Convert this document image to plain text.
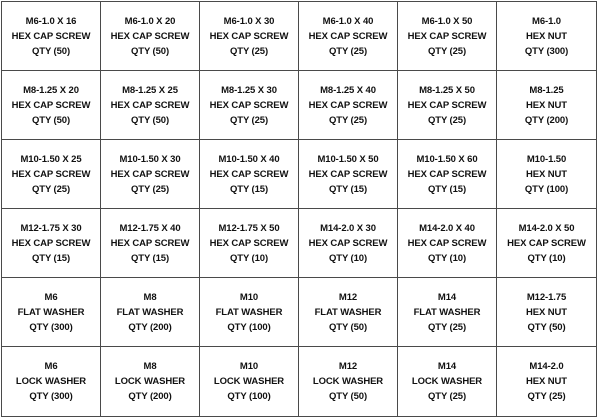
M6-1.0 X 16
HEX CAP SCREW
QTY (50)
M6-1.0 X 20
HEX CAP SCREW
QTY (50)
M6-1.0 X 30
HEX CAP SCREW
QTY (25)
M6-1.0 X 40
HEX CAP SCREW
QTY (25)
M6-1.0 X 50
HEX CAP SCREW
QTY (25)
M6-1.0
HEX NUT
QTY (300)
M8-1.25 X 20
HEX CAP SCREW
QTY (50)
M8-1.25 X 25
HEX CAP SCREW
QTY (50)
M8-1.25 X 30
HEX CAP SCREW
QTY (25)
M8-1.25 X 40
HEX CAP SCREW
QTY (25)
M8-1.25 X 50
HEX CAP SCREW
QTY (25)
M8-1.25
HEX NUT
QTY (200)
M10-1.50 X 25
HEX CAP SCREW
QTY (25)
M10-1.50 X 30
HEX CAP SCREW
QTY (25)
M10-1.50 X 40
HEX CAP SCREW
QTY (15)
M10-1.50 X 50
HEX CAP SCREW
QTY (15)
M10-1.50 X 60
HEX CAP SCREW
QTY (15)
M10-1.50
HEX NUT
QTY (100)
M12-1.75 X 30
HEX CAP SCREW
QTY (15)
M12-1.75 X 40
HEX CAP SCREW
QTY (15)
M12-1.75 X 50
HEX CAP SCREW
QTY (10)
M14-2.0 X 30
HEX CAP SCREW
QTY (10)
M14-2.0 X 40
HEX CAP SCREW
QTY (10)
M14-2.0 X 50
HEX CAP SCREW
QTY (10)
M6
FLAT WASHER
QTY (300)
M8
FLAT WASHER
QTY (200)
M10
FLAT WASHER
QTY (100)
M12
FLAT WASHER
QTY (50)
M14
FLAT WASHER
QTY (25)
M12-1.75
HEX NUT
QTY (50)
M6
LOCK WASHER
QTY (300)
M8
LOCK WASHER
QTY (200)
M10
LOCK WASHER
QTY (100)
M12
LOCK WASHER
QTY (50)
M14
LOCK WASHER
QTY (25)
M14-2.0
HEX NUT
QTY (25)
